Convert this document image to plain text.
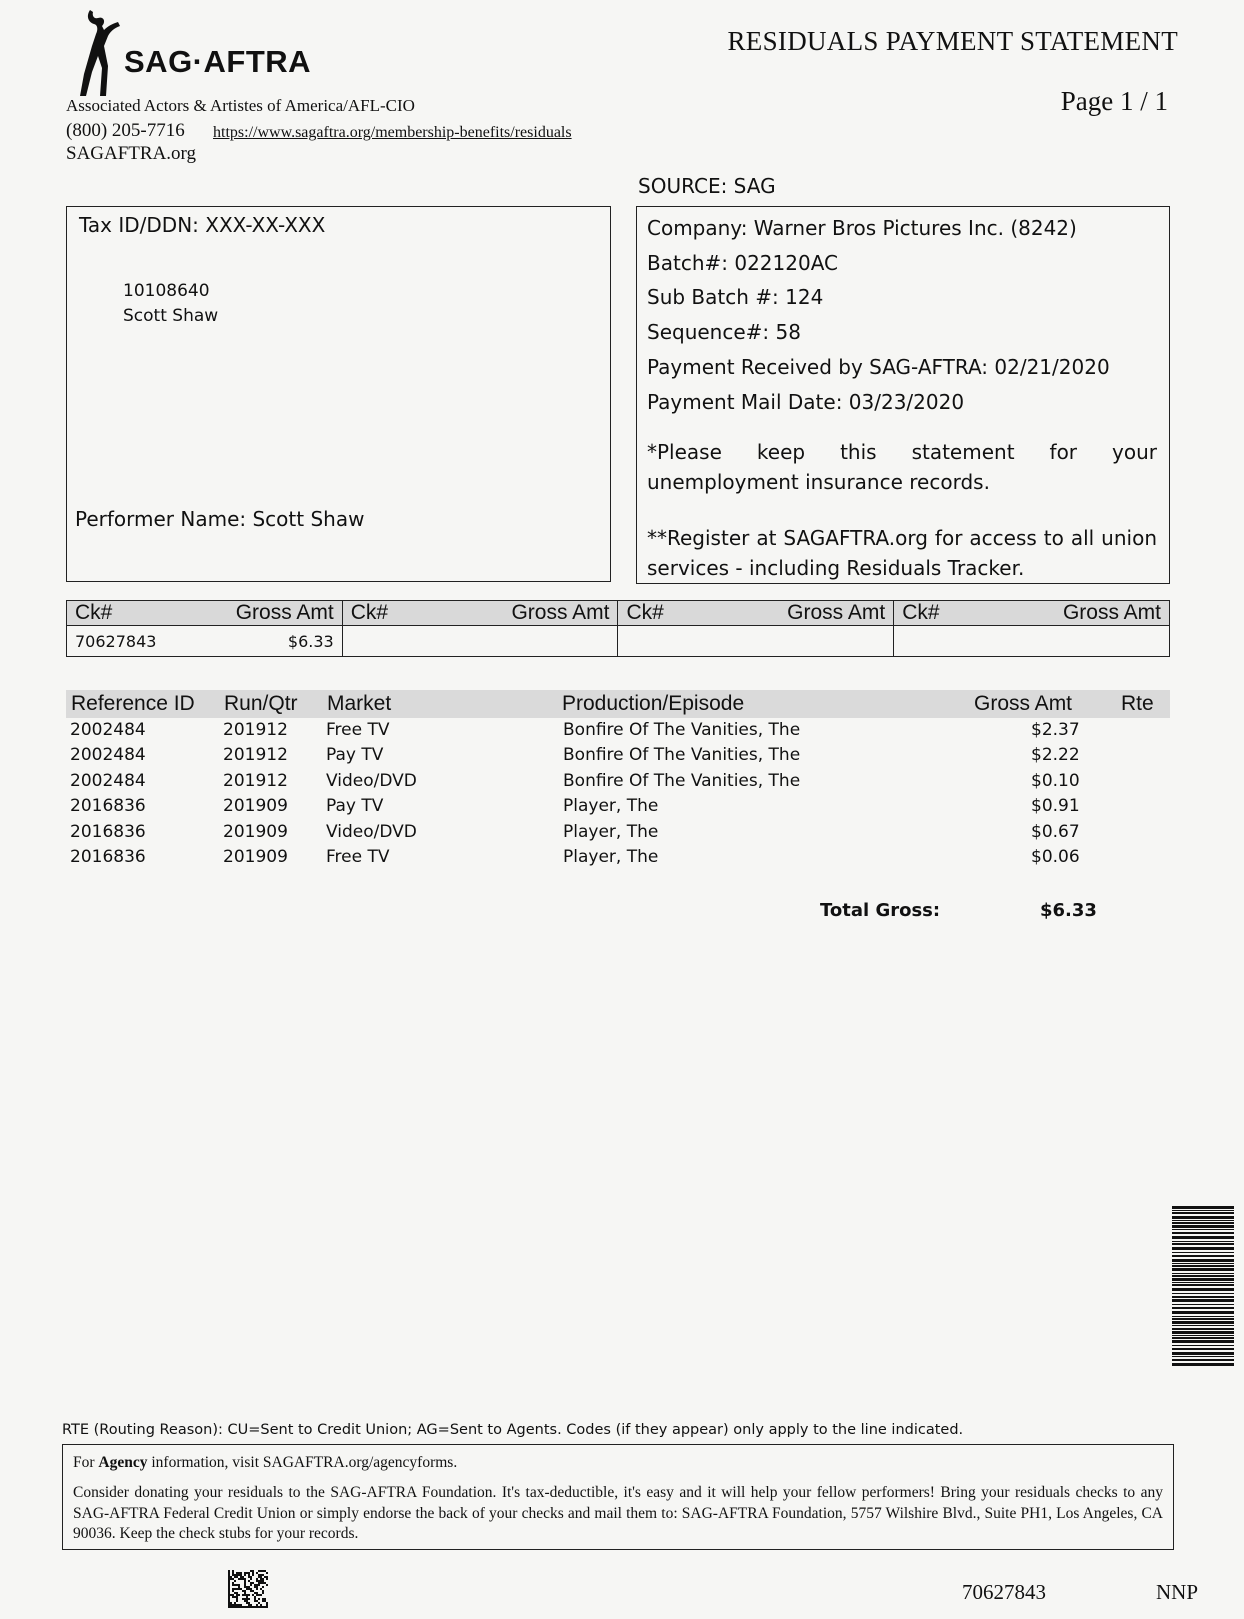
SAG·AFTRA
Associated Actors & Artistes of America/AFL-CIO
(800) 205-7716 https://www.sagaftra.org/membership-benefits/residuals
SAGAFTRA.org
RESIDUALS PAYMENT STATEMENT
Page 1 / 1
SOURCE: SAG
Tax ID/DDN: XXX-XX-XXX
10108640
Scott Shaw
Performer Name: Scott Shaw
Company: Warner Bros Pictures Inc. (8242)
Batch#: 022120AC
Sub Batch #: 124
Sequence#: 58
Payment Received by SAG-AFTRA: 02/21/2020
Payment Mail Date: 03/23/2020
*Please keep this statement for your unemployment insurance records.
**Register at SAGAFTRA.org for access to all union services - including Residuals Tracker.
Ck#	Gross Amt	Ck#	Gross Amt	Ck#	Gross Amt	Ck#	Gross Amt
70627843	$6.33						
Reference ID Run/Qtr Market	Production/Episode	Gross Amt Rte
2002484	201912 Free TV	Bonfire Of The Vanities, The	$2.37
2002484	201912 Pay TV	Bonfire Of The Vanities, The	$2.22
2002484	201912 Video/DVD	Bonfire Of The Vanities, The	$0.10
2016836	201909 Pay TV	Player, The	$0.91
2016836	201909 Video/DVD	Player, The	$0.67
2016836	201909 Free TV	Player, The	$0.06
Total Gross:	$6.33
RTE (Routing Reason): CU=Sent to Credit Union; AG=Sent to Agents. Codes (if they appear) only apply to the line indicated.
For Agency information, visit SAGAFTRA.org/agencyforms.
Consider donating your residuals to the SAG-AFTRA Foundation. It's tax-deductible, it's easy and it will help your fellow performers! Bring your residuals checks to any SAG-AFTRA Federal Credit Union or simply endorse the back of your checks and mail them to: SAG-AFTRA Foundation, 5757 Wilshire Blvd., Suite PH1, Los Angeles, CA 90036. Keep the check stubs for your records.
70627843	NNP
